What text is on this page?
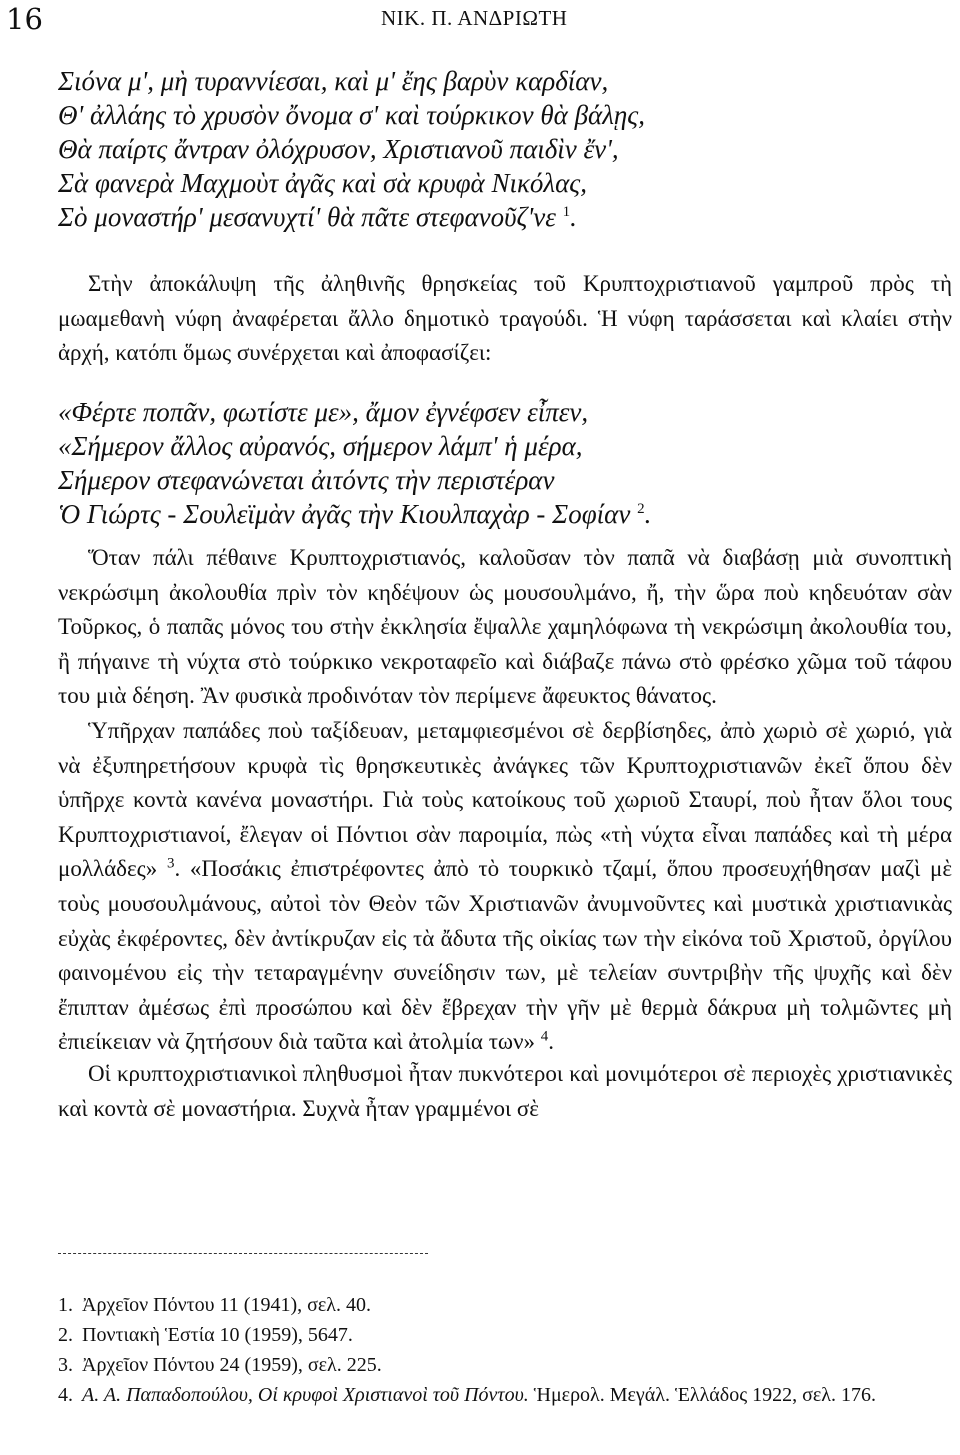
16	ΝΙΚ. Π. ΑΝΔΡΙΩΤΗ
Σιόνα μ', μὴ τυραννίεσαι, καὶ μ' ἔης βαρὺν καρδίαν,
Θ' ἀλλάης τὸ χρυσὸν ὄνομα σ' καὶ τούρκικον θὰ βάλῃς,
Θὰ παίρτς ἄντραν ὀλόχρυσον, Χριστιανοῦ παιδὶν ἔν',
Σὰ φανερὰ Μαχμοὺτ ἀγᾶς καὶ σὰ κρυφὰ Νικόλας,
Σὸ μοναστήρ' μεσανυχτί' θὰ πᾶτε στεφανοῦζ'νε $^1$.
Στὴν ἀποκάλυψη τῆς ἀληθινῆς θρησκείας τοῦ Κρυπτοχριστιανοῦ γαμπροῦ πρὸς τὴ μωαμεθανὴ νύφη ἀναφέρεται ἄλλο δημοτικὸ τραγούδι. Ἡ νύφη ταράσσεται καὶ κλαίει στὴν ἀρχή, κατόπι ὅμως συνέρχεται καὶ ἀποφασίζει:
«Φέρτε ποπᾶν, φωτίστε με», ἄμον ἐγνέφσεν εἶπεν,
«Σήμερον ἄλλος αὐρανός, σήμερον λάμπ' ἡ μέρα,
Σήμερον στεφανώνεται ἀιτόντς τὴν περιστέραν
Ὁ Γιώρτς - Σουλεϊμὰν ἀγᾶς τὴν Κιουλπαχὰρ - Σοφίαν $^2$.
Ὅταν πάλι πέθαινε Κρυπτοχριστιανός, καλοῦσαν τὸν παπᾶ νὰ διαβάσῃ μιὰ συνοπτικὴ νεκρώσιμη ἀκολουθία πρὶν τὸν κηδέψουν ὡς μουσουλμάνο, ἤ, τὴν ὥρα ποὺ κηδευόταν σὰν Τοῦρκος, ὁ παπᾶς μόνος του στὴν ἐκκλησία ἔψαλλε χαμηλόφωνα τὴ νεκρώσιμη ἀκολουθία του, ἢ πήγαινε τὴ νύχτα στὸ τούρκικο νεκροταφεῖο καὶ διάβαζε πάνω στὸ φρέσκο χῶμα τοῦ τάφου του μιὰ δέηση. Ἂν φυσικὰ προδινόταν τὸν περίμενε ἄφευκτος θάνατος.
Ὑπῆρχαν παπάδες ποὺ ταξίδευαν, μεταμφιεσμένοι σὲ δερβίσηδες, ἀπὸ χωριὸ σὲ χωριό, γιὰ νὰ ἐξυπηρετήσουν κρυφὰ τὶς θρησκευτικὲς ἀνάγκες τῶν Κρυπτοχριστιανῶν ἐκεῖ ὅπου δὲν ὑπῆρχε κοντὰ κανένα μοναστήρι. Γιὰ τοὺς κατοίκους τοῦ χωριοῦ Σταυρί, ποὺ ἦταν ὅλοι τους Κρυπτοχριστιανοί, ἔλεγαν οἱ Πόντιοι σὰν παροιμία, πὼς «τὴ νύχτα εἶναι παπάδες καὶ τὴ μέρα μολλάδες» $^3$. «Ποσάκις ἐπιστρέφοντες ἀπὸ τὸ τουρκικὸ τζαμί, ὅπου προσευχήθησαν μαζὶ μὲ τοὺς μουσουλμάνους, αὐτοὶ τὸν Θεὸν τῶν Χριστιανῶν ἀνυμνοῦντες καὶ μυστικὰ χριστιανικὰς εὐχὰς ἐκφέροντες, δὲν ἀντίκρυζαν εἰς τὰ ἄδυτα τῆς οἰκίας των τὴν εἰκόνα τοῦ Χριστοῦ, ὀργίλου φαινομένου εἰς τὴν τεταραγμένην συνείδησιν των, μὲ τελείαν συντριβὴν τῆς ψυχῆς καὶ δὲν ἔπιπταν ἀμέσως ἐπὶ προσώπου καὶ δὲν ἔβρεχαν τὴν γῆν μὲ θερμὰ δάκρυα μὴ τολμῶντες μὴ ἐπιείκειαν νὰ ζητήσουν διὰ ταῦτα καὶ ἀτολμία των» $^4$.
Οἱ κρυπτοχριστιανικοὶ πληθυσμοὶ ἦταν πυκνότεροι καὶ μονιμότεροι σὲ περιοχὲς χριστιανικὲς καὶ κοντὰ σὲ μοναστήρια. Συχνὰ ἦταν γραμμένοι σὲ
1. Ἀρχεῖον Πόντου 11 (1941), σελ. 40.
2. Ποντιακὴ Ἑστία 10 (1959), 5647.
3. Ἀρχεῖον Πόντου 24 (1959), σελ. 225.
4. Α. Α. Παπαδοπούλου, Οἱ κρυφοὶ Χριστιανοὶ τοῦ Πόντου. Ἡμερολ. Μεγάλ. Ἑλλάδος 1922, σελ. 176.
